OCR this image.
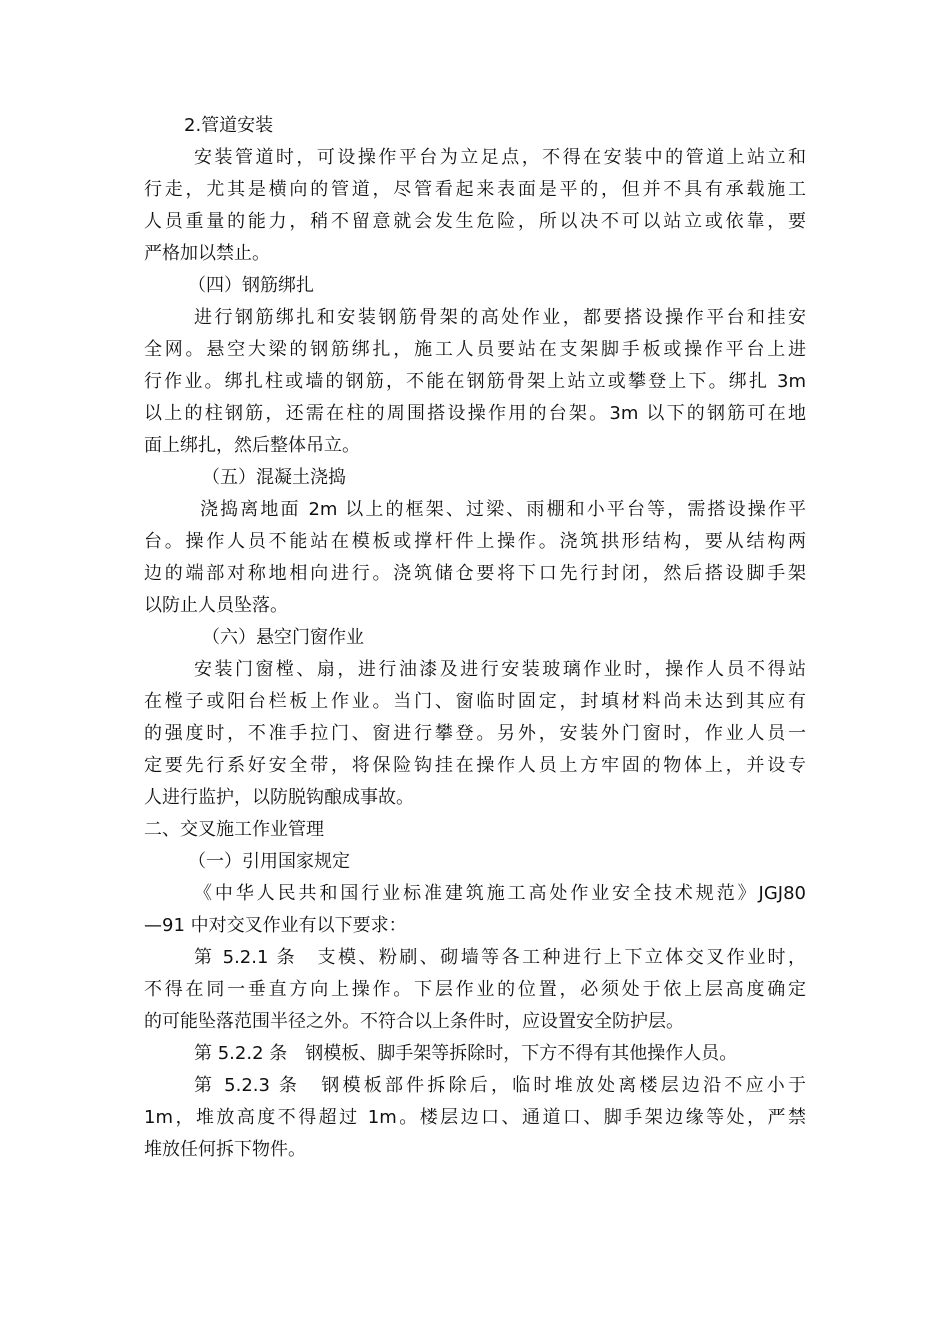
2.管道安装
安装管道时，可设操作平台为立足点，不得在安装中的管道上站立和
行走，尤其是横向的管道，尽管看起来表面是平的，但并不具有承载施工
人员重量的能力，稍不留意就会发生危险，所以决不可以站立或依靠，要
严格加以禁止。
（四）钢筋绑扎
进行钢筋绑扎和安装钢筋骨架的高处作业，都要搭设操作平台和挂安
全网。悬空大梁的钢筋绑扎，施工人员要站在支架脚手板或操作平台上进
行作业。绑扎柱或墙的钢筋，不能在钢筋骨架上站立或攀登上下。绑扎 3m
以上的柱钢筋，还需在柱的周围搭设操作用的台架。3m 以下的钢筋可在地
面上绑扎，然后整体吊立。
（五）混凝土浇捣
浇捣离地面 2m 以上的框架、过梁、雨棚和小平台等，需搭设操作平
台。操作人员不能站在模板或撑杆件上操作。浇筑拱形结构，要从结构两
边的端部对称地相向进行。浇筑储仓要将下口先行封闭，然后搭设脚手架
以防止人员坠落。
（六）悬空门窗作业
安装门窗樘、扇，进行油漆及进行安装玻璃作业时，操作人员不得站
在樘子或阳台栏板上作业。当门、窗临时固定，封填材料尚未达到其应有
的强度时，不准手拉门、窗进行攀登。另外，安装外门窗时，作业人员一
定要先行系好安全带，将保险钩挂在操作人员上方牢固的物体上，并设专
人进行监护，以防脱钩酿成事故。
二、交叉施工作业管理
（一）引用国家规定
《中华人民共和国行业标准建筑施工高处作业安全技术规范》JGJ80
—91 中对交叉作业有以下要求：
第 5.2.1 条　支模、粉刷、砌墙等各工种进行上下立体交叉作业时，
不得在同一垂直方向上操作。下层作业的位置，必须处于依上层高度确定
的可能坠落范围半径之外。不符合以上条件时，应设置安全防护层。
第 5.2.2 条　钢模板、脚手架等拆除时，下方不得有其他操作人员。
第 5.2.3 条　钢模板部件拆除后，临时堆放处离楼层边沿不应小于
1m，堆放高度不得超过 1m。楼层边口、通道口、脚手架边缘等处，严禁
堆放任何拆下物件。
